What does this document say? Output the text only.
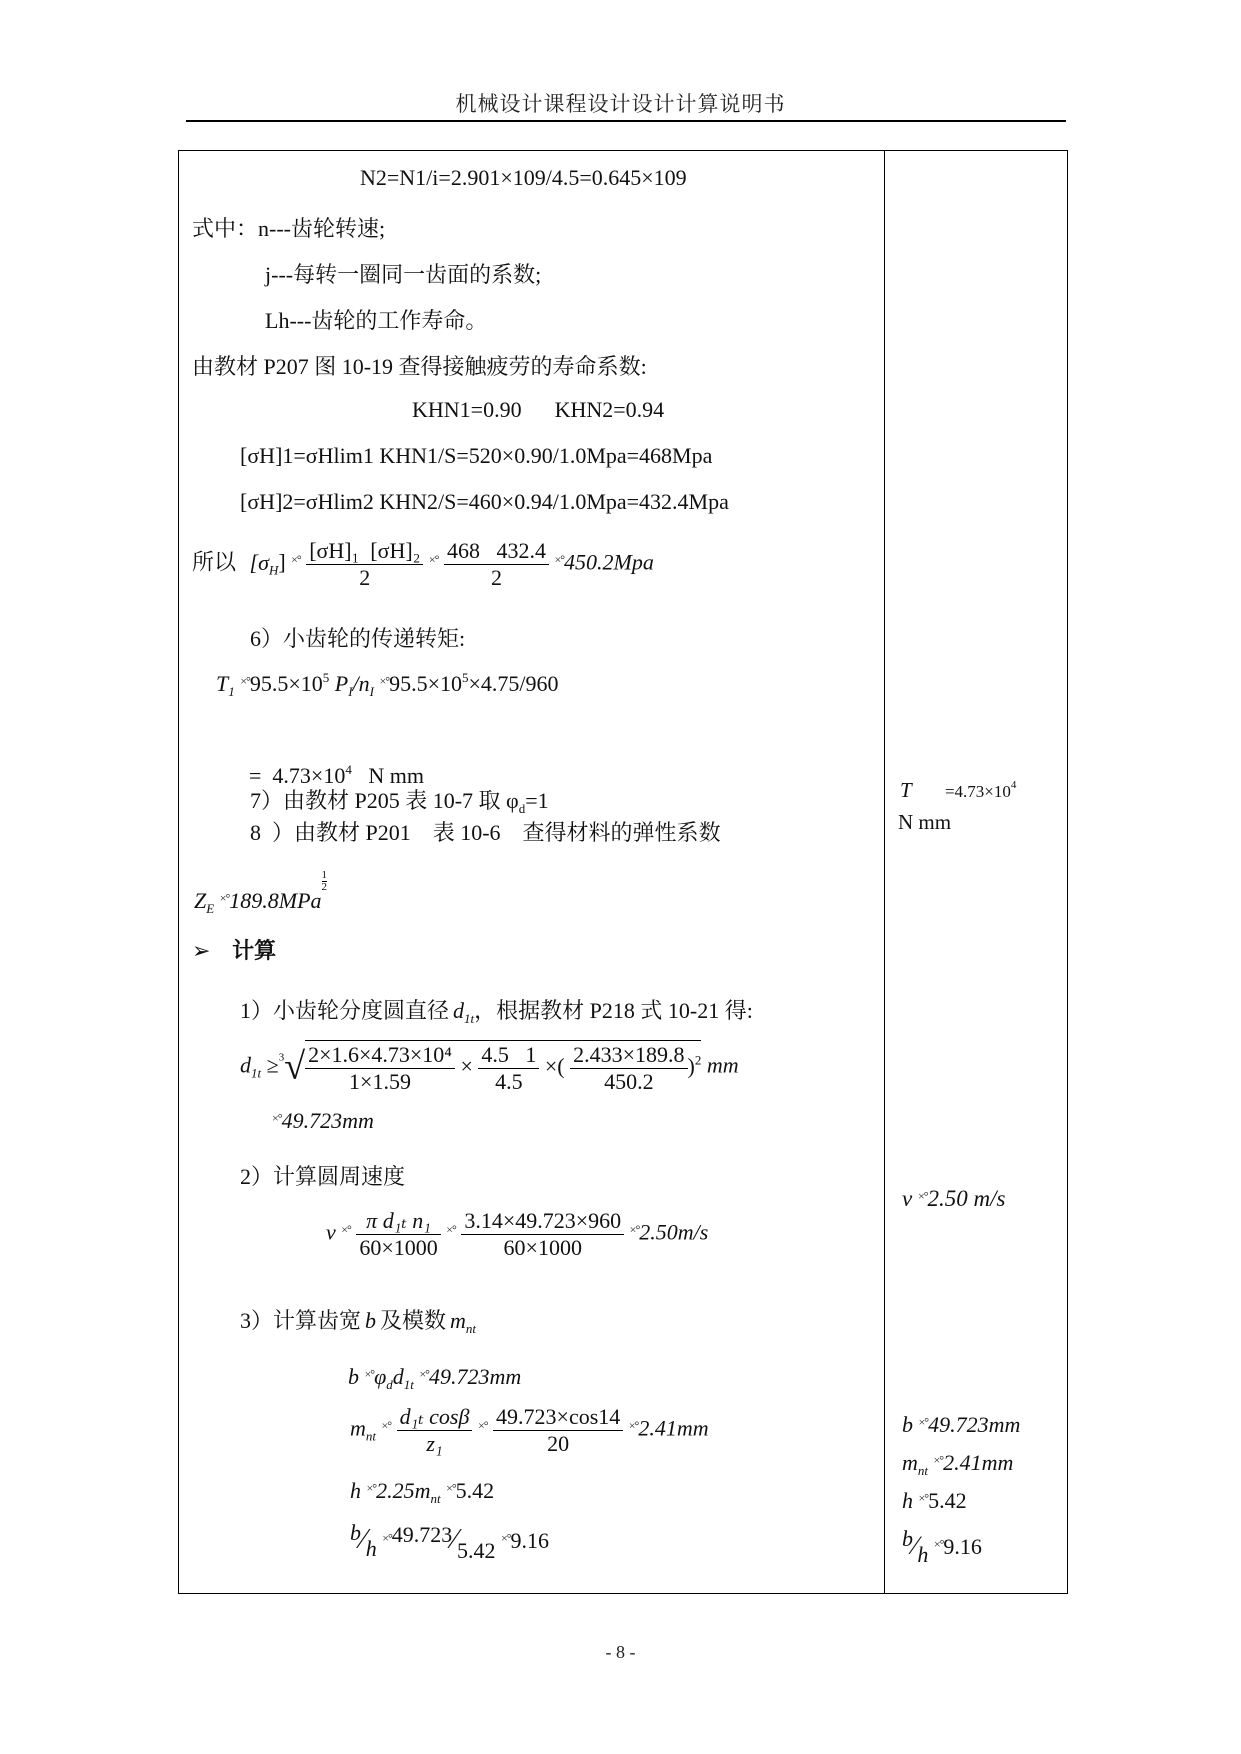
机械设计课程设计设计计算说明书
N2=N1/i=2.901×109/4.5=0.645×109
式中：n---齿轮转速;
j---每转一圈同一齿面的系数;
Lh---齿轮的工作寿命。
由教材 P207 图 10-19 查得接触疲劳的寿命系数:
KHN1=0.90      KHN2=0.94
[σH]1=σHlim1 KHN1/S=520×0.90/1.0Mpa=468Mpa
[σH]2=σHlim2 KHN2/S=460×0.94/1.0Mpa=432.4Mpa
所以 $[\sigma_H]$ $^{\times^\circ} \frac{\text{[σH]₁  [σH]₂}}{2} ^{\times^\circ} \frac{468 432.4}{2} ^{\times^\circ}450.2Mpa$
6）小齿轮的传递转矩:
$T_1$ $^{\times^\circ}95.5\times 10^5$ $P_I/n_I$ $^{\times^\circ}95.5\times 10^5\times 4.75/960$

=  $4.73\times 10^4$ N mm

7）由教材 P205 表 10-7 取 $\varphi_d=1$
8  ）由教材 P201    表 10-6    查得材料的弹性系数
$Z_E$ ×°189.8MPa
$\frac{1}{2}$
➢ 计算
1）小齿轮分度圆直径 $d_{1t}$，根据教材 P218 式 10-21 得:
$d_{1t} \ge^3√ \frac{\text{2×1.6×4.73×10⁴}}{1\times 1.59} \times \frac{4.5 1}{4.5}$ ×( $\frac{2.433\times 189.8}{450.2} )^2$ mm
×°49.723mm
2）计算圆周速度
v $^{\times^\circ} \frac{\text{π d₁ₜ n₁}}{60\times 1000} ^{\times^\circ} \frac{3.14\times 49.723\times 960}{60\times 1000} ^{\times^\circ}2.50m/s$
3）计算齿宽 b 及模数 $m_{nt}$
b $^{\times^\circ}\varphi_dd_{1t}$ ×°49.723mm
$m_{nt}$ $^{\times^\circ} \frac{\text{d₁ₜ cosβ}}{\text{z₁}} ^{\times^\circ} \frac{49.723\times\cos 14}{20} ^{\times^\circ}2.41mm$
h $^{\times^\circ}2.25m_{nt}$ ×°5.42
b⁄h ×°49.723⁄5.42 ×°9.16
$T =4.73\times 10^4$
N mm
v ×°2.50 m/s
b ×°49.723mm
$m_{nt}$ ×°2.41mm
h ×°5.42
b⁄h ×°9.16
- 8 -
